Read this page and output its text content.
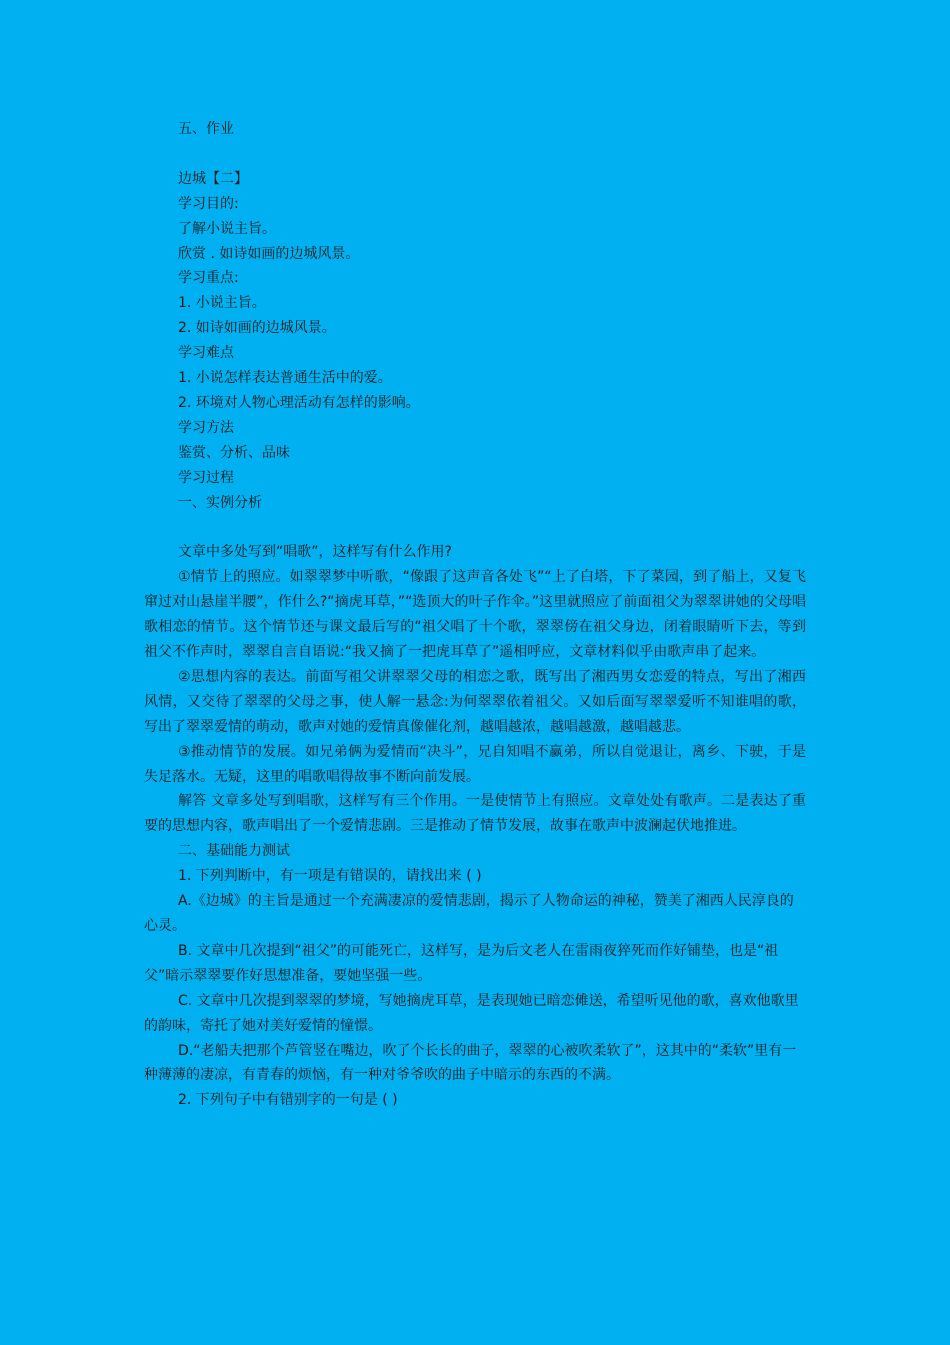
五、作业
边城【二】
学习目的:
了解小说主旨。
欣赏 . 如诗如画的边城风景。
学习重点:
1. 小说主旨。
2. 如诗如画的边城风景。
学习难点
1. 小说怎样表达普通生活中的爱。
2. 环境对人物心理活动有怎样的影响。
学习方法
鉴赏、分析、品味
学习过程
一、实例分析
文章中多处写到“唱歌”，这样写有什么作用?
①情节上的照应。如翠翠梦中听歌，“像跟了这声音各处飞”“上了白塔，下了菜园，到了船上，又复飞窜过对山悬崖半腰”，作什么?“摘虎耳草，”“选顶大的叶子作伞。”这里就照应了前面祖父为翠翠讲她的父母唱歌相恋的情节。这个情节还与课文最后写的“祖父唱了十个歌，翠翠傍在祖父身边，闭着眼睛听下去，等到祖父不作声时，翠翠自言自语说:“我又摘了一把虎耳草了”遥相呼应，文章材料似乎由歌声串了起来。
②思想内容的表达。前面写祖父讲翠翠父母的相恋之歌，既写出了湘西男女恋爱的特点，写出了湘西风情，又交待了翠翠的父母之事，使人解一悬念:为何翠翠依着祖父。又如后面写翠翠爱听不知谁唱的歌，写出了翠翠爱情的萌动，歌声对她的爱情真像催化剂，越唱越浓，越唱越激，越唱越悲。
③推动情节的发展。如兄弟俩为爱情而“决斗”，兄自知唱不赢弟，所以自觉退让，离乡、下驶，于是失足落水。无疑，这里的唱歌唱得故事不断向前发展。
解答 文章多处写到唱歌，这样写有三个作用。一是使情节上有照应。文章处处有歌声。二是表达了重要的思想内容，歌声唱出了一个爱情悲剧。三是推动了情节发展，故事在歌声中波澜起伏地推进。
二、基础能力测试
1. 下列判断中，有一项是有错误的，请找出来 ( )
A.《边城》的主旨是通过一个充满凄凉的爱情悲剧，揭示了人物命运的神秘，赞美了湘西人民淳良的心灵。
B. 文章中几次提到“祖父”的可能死亡，这样写，是为后文老人在雷雨夜猝死而作好铺垫，也是“祖父”暗示翠翠要作好思想准备，要她坚强一些。
C. 文章中几次提到翠翠的梦境，写她摘虎耳草，是表现她已暗恋傩送，希望听见他的歌，喜欢他歌里的韵味，寄托了她对美好爱情的憧憬。
D.“老船夫把那个芦管竖在嘴边，吹了个长长的曲子，翠翠的心被吹柔软了”，这其中的“柔软”里有一种薄薄的凄凉，有青春的烦恼，有一种对爷爷吹的曲子中暗示的东西的不满。
2. 下列句子中有错别字的一句是 ( )
